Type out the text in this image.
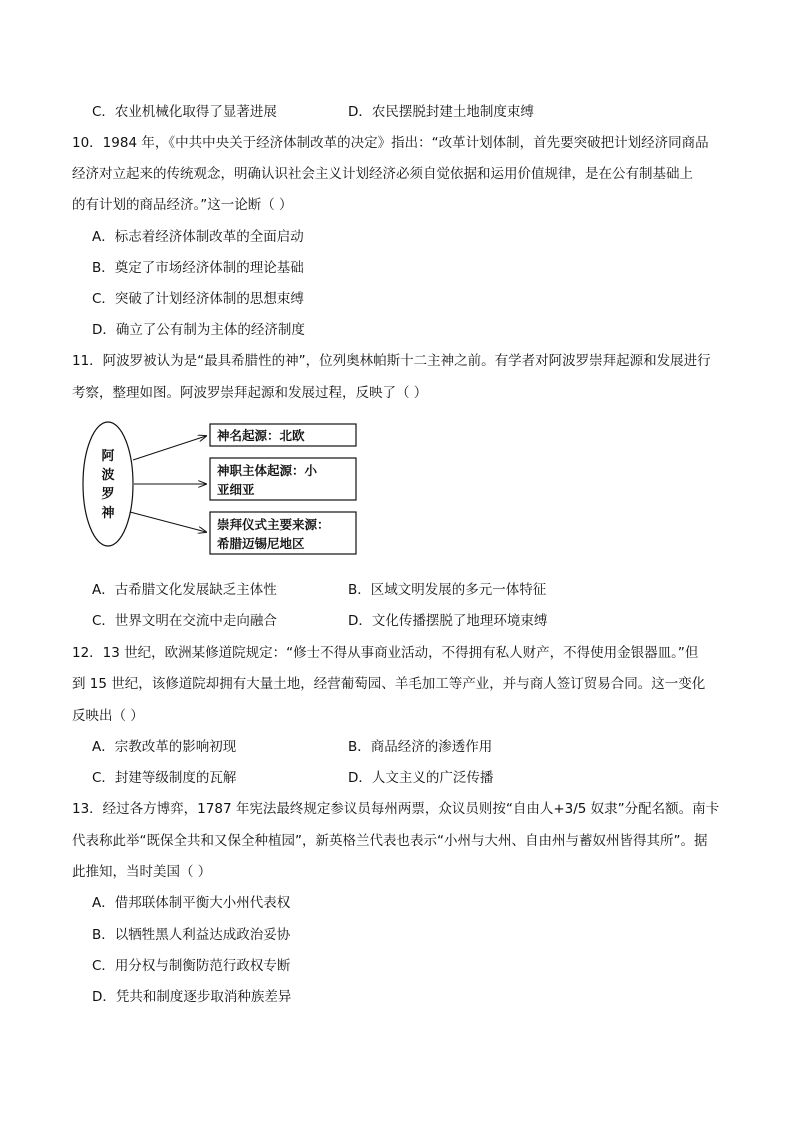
C．农业机械化取得了显著进展	D．农民摆脱封建土地制度束缚
10．1984 年，《中共中央关于经济体制改革的决定》指出：“改革计划体制，首先要突破把计划经济同商品
经济对立起来的传统观念，明确认识社会主义计划经济必须自觉依据和运用价值规律，是在公有制基础上
的有计划的商品经济。”这一论断（ ）
A．标志着经济体制改革的全面启动
B．奠定了市场经济体制的理论基础
C．突破了计划经济体制的思想束缚
D．确立了公有制为主体的经济制度
11．阿波罗被认为是“最具希腊性的神”，位列奥林帕斯十二主神之前。有学者对阿波罗崇拜起源和发展进行
考察，整理如图。阿波罗崇拜起源和发展过程，反映了（ ）
阿
波
罗
神
神名起源：北欧
神职主体起源：小
亚细亚
崇拜仪式主要来源：
希腊迈锡尼地区
A．古希腊文化发展缺乏主体性	B．区域文明发展的多元一体特征
C．世界文明在交流中走向融合	D．文化传播摆脱了地理环境束缚
12．13 世纪，欧洲某修道院规定：“修士不得从事商业活动，不得拥有私人财产，不得使用金银器皿。”但
到 15 世纪，该修道院却拥有大量土地，经营葡萄园、羊毛加工等产业，并与商人签订贸易合同。这一变化
反映出（ ）
A．宗教改革的影响初现	B．商品经济的渗透作用
C．封建等级制度的瓦解	D．人文主义的广泛传播
13．经过各方博弈，1787 年宪法最终规定参议员每州两票，众议员则按“自由人+3/5 奴隶”分配名额。南卡
代表称此举“既保全共和又保全种植园”，新英格兰代表也表示“小州与大州、自由州与蓄奴州皆得其所”。据
此推知，当时美国（ ）
A．借邦联体制平衡大小州代表权
B．以牺牲黑人利益达成政治妥协
C．用分权与制衡防范行政权专断
D．凭共和制度逐步取消种族差异
